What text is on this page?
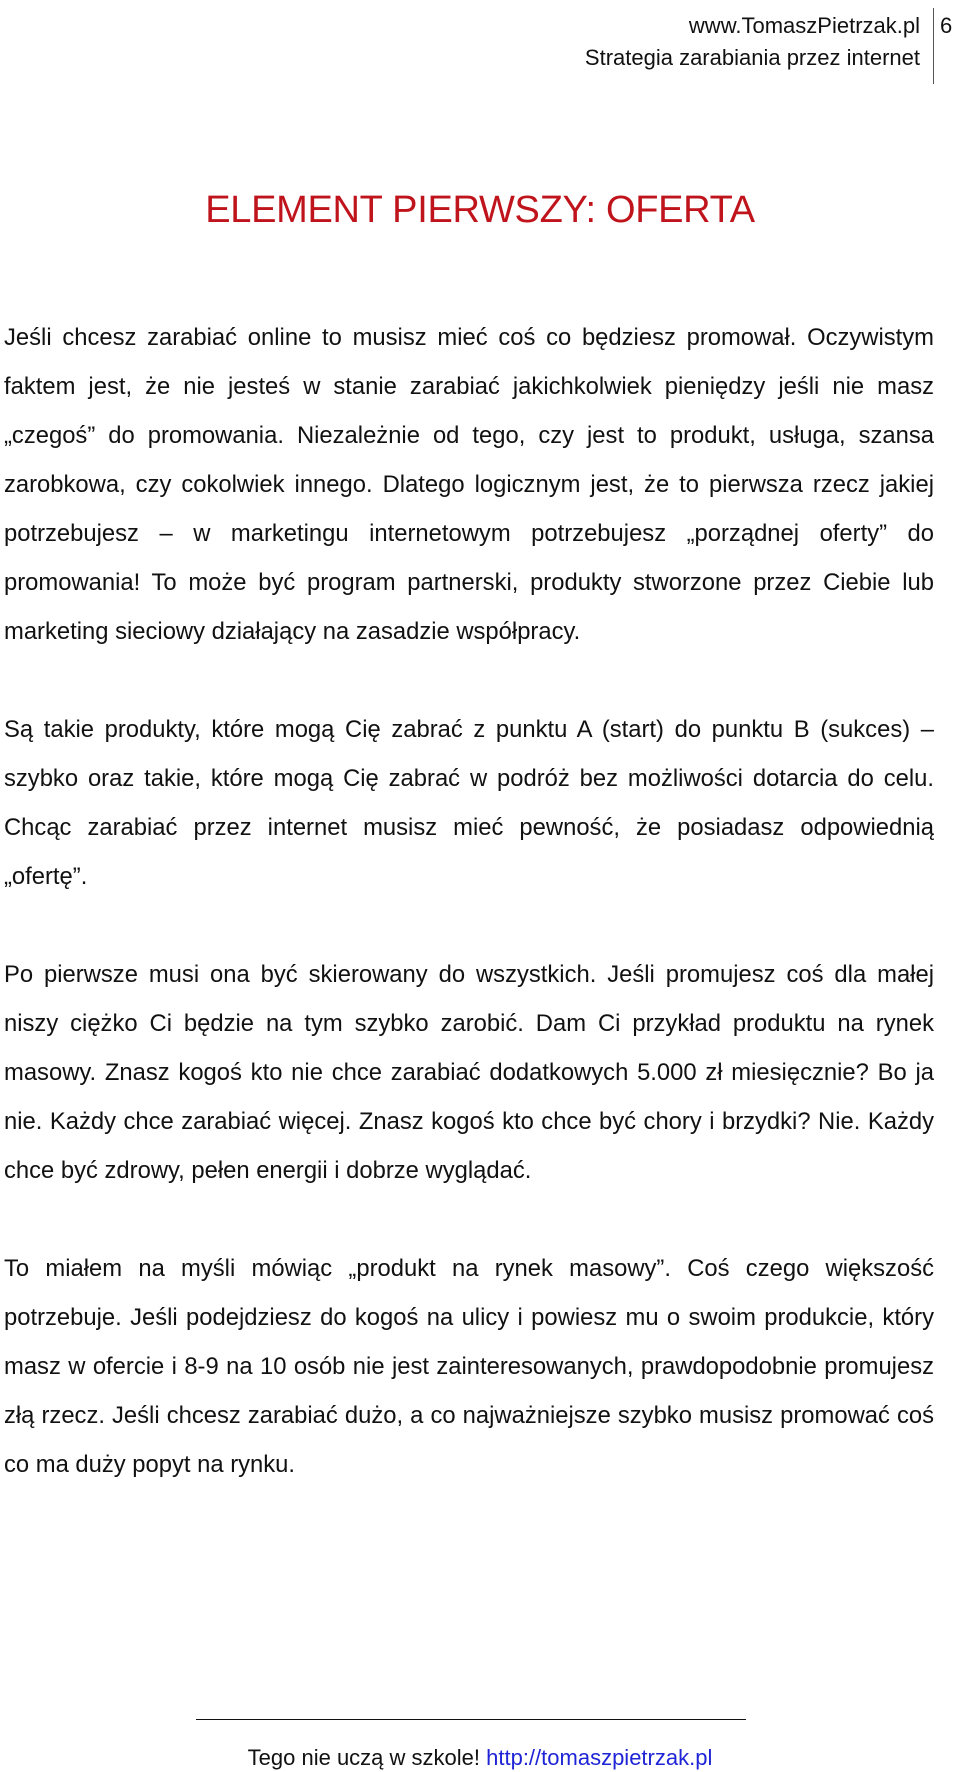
www.TomaszPietrzak.pl
Strategia zarabiania przez internet
6
ELEMENT PIERWSZY: OFERTA

Jeśli chcesz zarabiać online to musisz mieć coś co będziesz promował. Oczywistym faktem jest, że nie jesteś w stanie zarabiać jakichkolwiek pieniędzy jeśli nie masz „czegoś” do promowania. Niezależnie od tego, czy jest to produkt, usługa, szansa zarobkowa, czy cokolwiek innego. Dlatego logicznym jest, że to pierwsza rzecz jakiej potrzebujesz – w marketingu internetowym potrzebujesz „porządnej oferty” do promowania! To może być program partnerski, produkty stworzone przez Ciebie lub marketing sieciowy działający na zasadzie współpracy.

Są takie produkty, które mogą Cię zabrać z punktu A (start) do punktu B (sukces) – szybko oraz takie, które mogą Cię zabrać w podróż bez możliwości dotarcia do celu. Chcąc zarabiać przez internet musisz mieć pewność, że posiadasz odpowiednią „ofertę”.

Po pierwsze musi ona być skierowany do wszystkich. Jeśli promujesz coś dla małej niszy ciężko Ci będzie na tym szybko zarobić. Dam Ci przykład produktu na rynek masowy. Znasz kogoś kto nie chce zarabiać dodatkowych 5.000 zł miesięcznie? Bo ja nie. Każdy chce zarabiać więcej. Znasz kogoś kto chce być chory i brzydki? Nie. Każdy chce być zdrowy, pełen energii i dobrze wyglądać.

To miałem na myśli mówiąc „produkt na rynek masowy”. Coś czego większość potrzebuje. Jeśli podejdziesz do kogoś na ulicy i powiesz mu o swoim produkcie, który masz w ofercie i 8-9 na 10 osób nie jest zainteresowanych, prawdopodobnie promujesz złą rzecz. Jeśli chcesz zarabiać dużo, a co najważniejsze szybko musisz promować coś co ma duży popyt na rynku.

Tego nie uczą w szkole! http://tomaszpietrzak.pl
